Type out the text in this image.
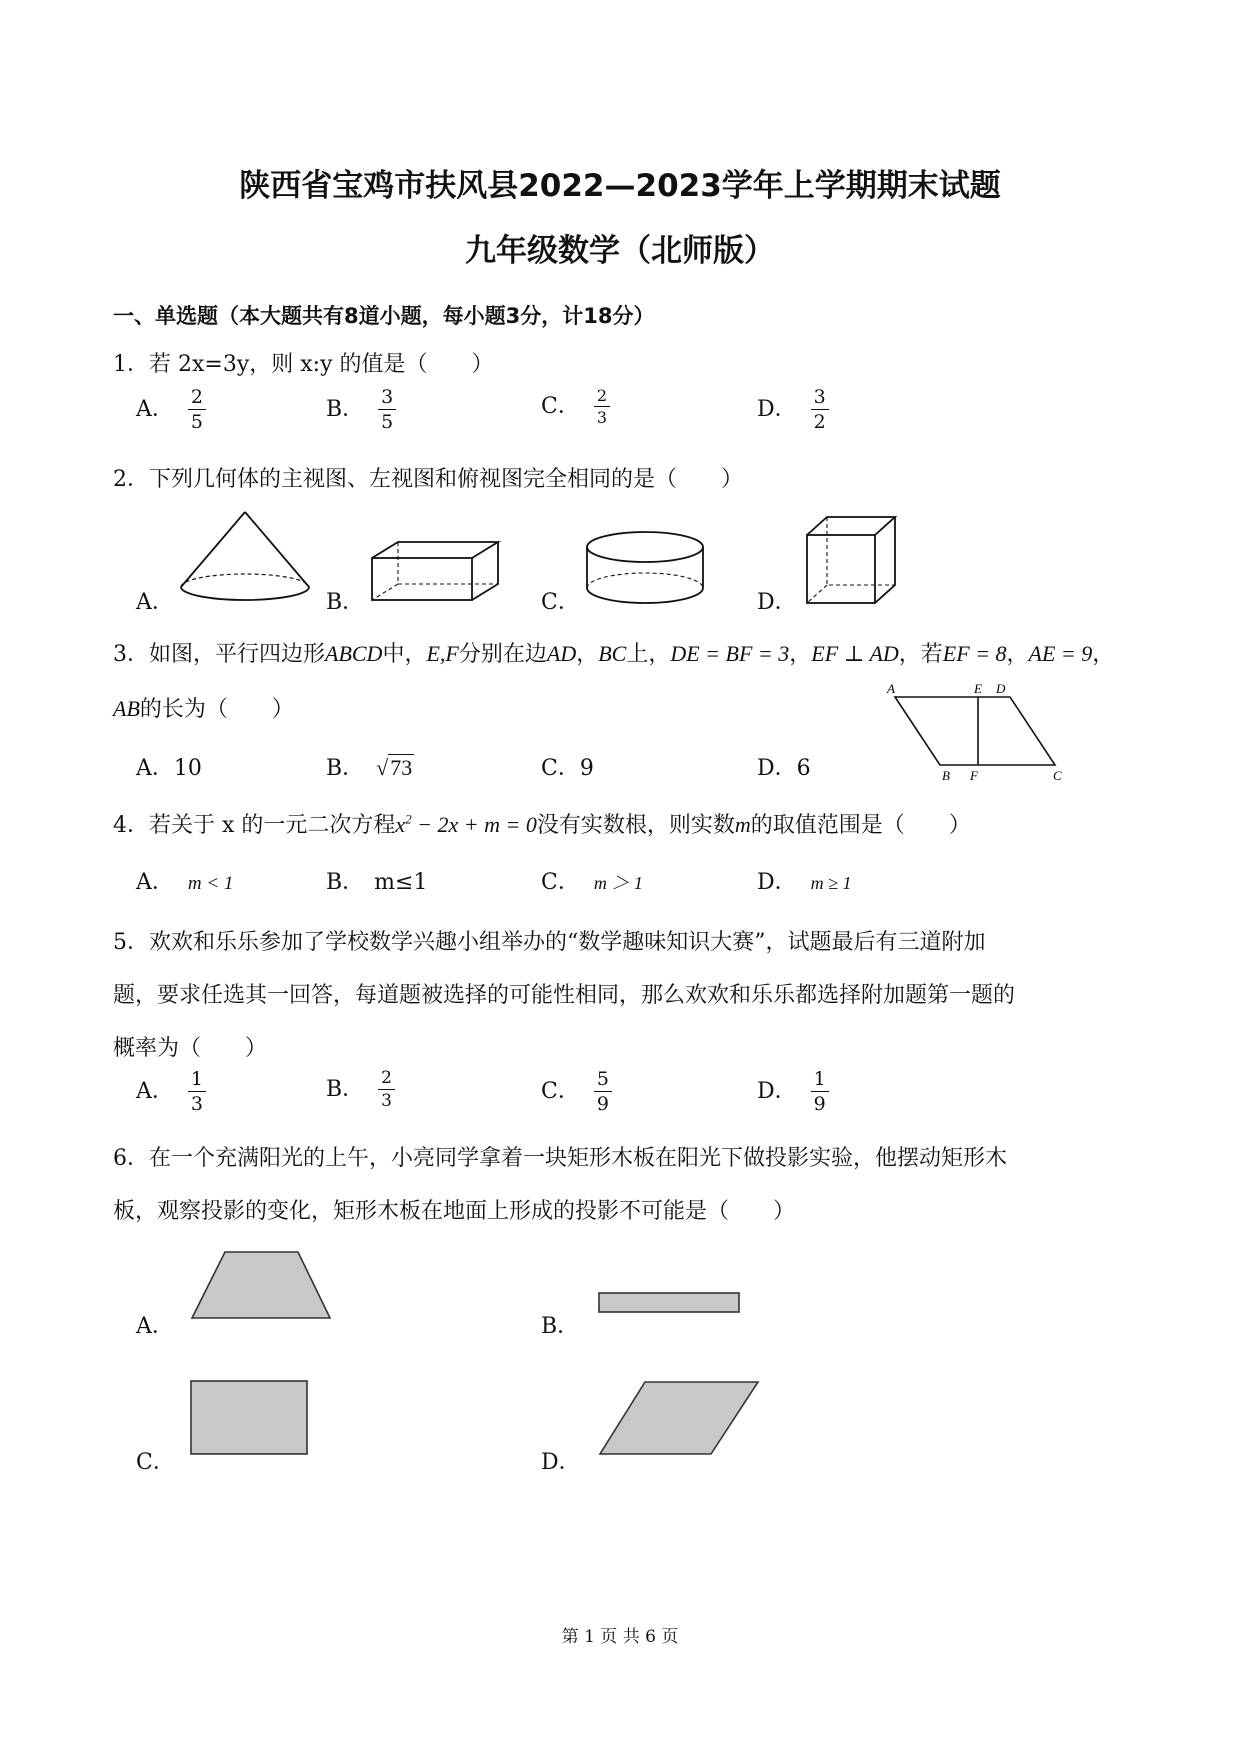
陕西省宝鸡市扶风县2022—2023学年上学期期末试题
九年级数学（北师版）
一、单选题（本大题共有8道小题，每小题3分，计18分）
1．若 2x=3y，则 x:y 的值是（　　）
A． $\frac{2}{5}$	B． $\frac{3}{5}$	C． $\frac{2}{3}$	D． $\frac{3}{2}$
2．下列几何体的主视图、左视图和俯视图完全相同的是（　　）
A．	B．	C．	D．
3．如图，平行四边形ABCD中，E,F分别在边AD，BC上，DE = BF = 3，EF ⊥ AD，若EF = 8，AE = 9，
AB的长为（　　）
A．10	B． √73	C．9	D．6
A	E D
B F	C
4．若关于 x 的一元二次方程$x^2 - 2x + m = 0$没有实数根，则实数m的取值范围是（　　）
A． m < 1	B． m≤1	C． m ＞ 1	D． m ≥ 1
5．欢欢和乐乐参加了学校数学兴趣小组举办的“数学趣味知识大赛”，试题最后有三道附加
题，要求任选其一回答，每道题被选择的可能性相同，那么欢欢和乐乐都选择附加题第一题的
概率为（　　）
A． $\frac{1}{3}$	B． $\frac{2}{3}$	C． $\frac{5}{9}$	D． $\frac{1}{9}$
6．在一个充满阳光的上午，小亮同学拿着一块矩形木板在阳光下做投影实验，他摆动矩形木
板，观察投影的变化，矩形木板在地面上形成的投影不可能是（　　）
A．	B．
C．	D．
第 1 页 共 6 页
